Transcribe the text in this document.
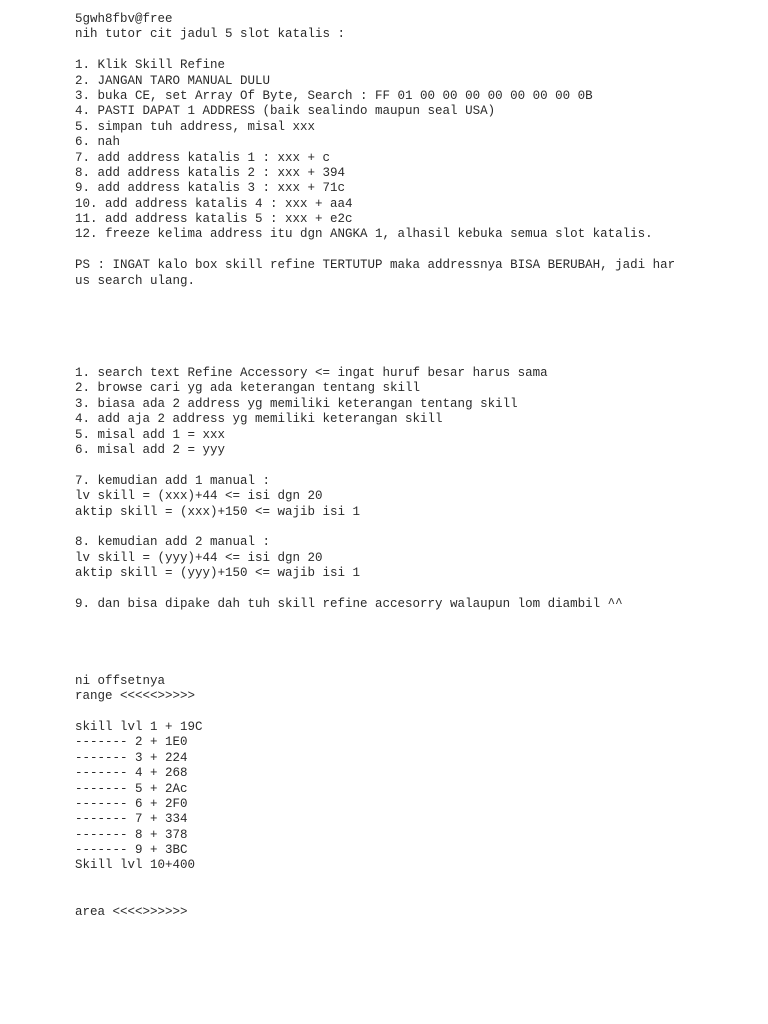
5gwh8fbv@free
nih tutor cit jadul 5 slot katalis :
1. Klik Skill Refine
2. JANGAN TARO MANUAL DULU
3. buka CE, set Array Of Byte, Search : FF 01 00 00 00 00 00 00 00 0B
4. PASTI DAPAT 1 ADDRESS (baik sealindo maupun seal USA)
5. simpan tuh address, misal xxx
6. nah
7. add address katalis 1 : xxx + c
8. add address katalis 2 : xxx + 394
9. add address katalis 3 : xxx + 71c
10. add address katalis 4 : xxx + aa4
11. add address katalis 5 : xxx + e2c
12. freeze kelima address itu dgn ANGKA 1, alhasil kebuka semua slot katalis.
PS : INGAT kalo box skill refine TERTUTUP maka addressnya BISA BERUBAH, jadi har
us search ulang.
1. search text Refine Accessory <= ingat huruf besar harus sama
2. browse cari yg ada keterangan tentang skill
3. biasa ada 2 address yg memiliki keterangan tentang skill
4. add aja 2 address yg memiliki keterangan skill
5. misal add 1 = xxx
6. misal add 2 = yyy
7. kemudian add 1 manual :
lv skill = (xxx)+44 <= isi dgn 20
aktip skill = (xxx)+150 <= wajib isi 1
8. kemudian add 2 manual :
lv skill = (yyy)+44 <= isi dgn 20
aktip skill = (yyy)+150 <= wajib isi 1
9. dan bisa dipake dah tuh skill refine accesorry walaupun lom diambil ^^
ni offsetnya
range <<<<<>>>>>
skill lvl 1 + 19C
------- 2 + 1E0
------- 3 + 224
------- 4 + 268
------- 5 + 2Ac
------- 6 + 2F0
------- 7 + 334
------- 8 + 378
------- 9 + 3BC
Skill lvl 10+400
area <<<<>>>>>>
